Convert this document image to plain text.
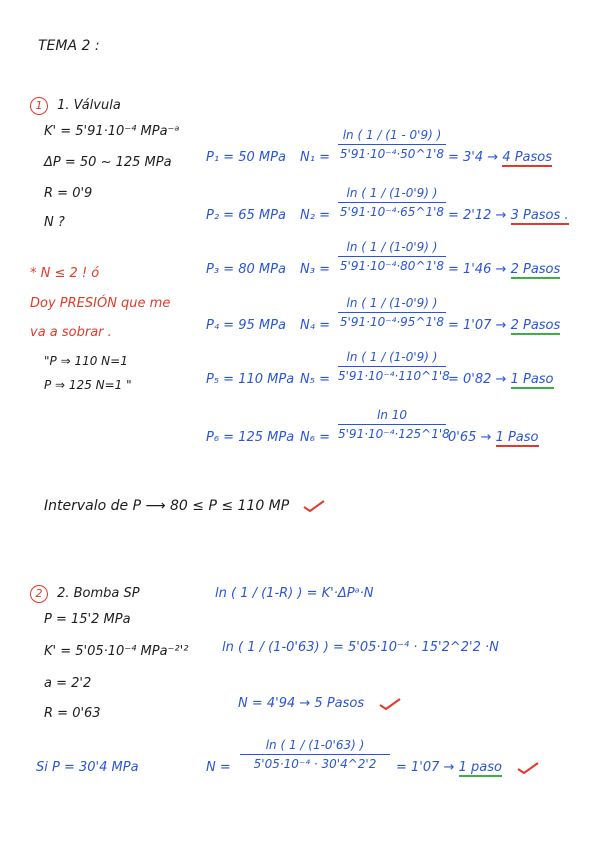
TEMA 2 :
1 1. Válvula
K' = 5'91·10⁻⁴ MPa⁻ᵃ
ΔP = 50 ~ 125 MPa
R = 0'9
N ?
* N ≤ 2 ! ó
Doy PRESIÓN que me
va a sobrar .
"P ⇒ 110 N=1
P ⇒ 125 N=1 "
P₁ = 50 MPa N₁ =
ln ( 1 / (1 - 0'9) )
5'91·10⁻⁴·50^1'8 = 3'4 → 4 Pasos
P₂ = 65 MPa N₂ =
ln ( 1 / (1-0'9) )
5'91·10⁻⁴·65^1'8 = 2'12 → 3 Pasos .
P₃ = 80 MPa N₃ =
ln ( 1 / (1-0'9) )
5'91·10⁻⁴·80^1'8 = 1'46 → 2 Pasos
P₄ = 95 MPa N₄ =
ln ( 1 / (1-0'9) )
5'91·10⁻⁴·95^1'8 = 1'07 → 2 Pasos
P₅ = 110 MPa N₅ =
ln ( 1 / (1-0'9) )
5'91·10⁻⁴·110^1'8
= 0'82 → 1 Paso
P₆ = 125 MPa N₆ =
ln 10
5'91·10⁻⁴·125^1'8
0'65 → 1 Paso
Intervalo de P ⟶ 80 ≤ P ≤ 110 MP
2 2. Bomba SP
P = 15'2 MPa
K' = 5'05·10⁻⁴ MPa⁻²'²
a = 2'2
R = 0'63
ln ( 1 / (1-R) ) = K'·ΔPᵃ·N
ln ( 1 / (1-0'63) ) = 5'05·10⁻⁴ · 15'2^2'2 ·N
N = 4'94 → 5 Pasos
Si P = 30'4 MPa	N =
ln ( 1 / (1-0'63) )
5'05·10⁻⁴ · 30'4^2'2	= 1'07 → 1 paso
